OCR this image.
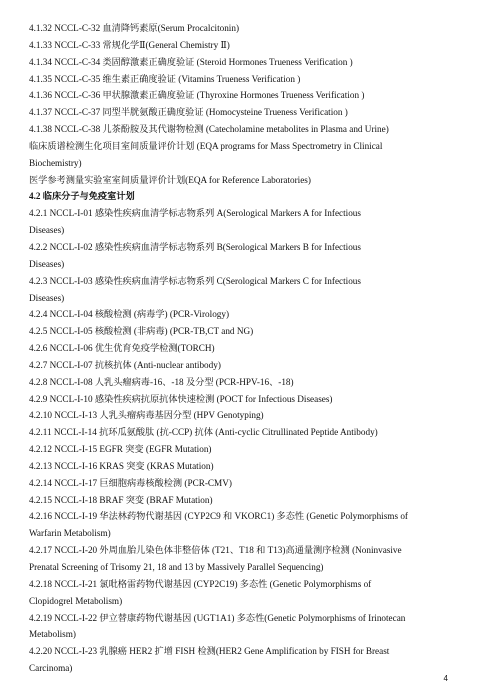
4.1.32 NCCL-C-32 血清降钙素原(Serum Procalcitonin)
4.1.33 NCCL-C-33 常规化学Ⅱ(General Chemistry Ⅱ)
4.1.34 NCCL-C-34 类固醇激素正确度验证 (Steroid Hormones Trueness Verification )
4.1.35 NCCL-C-35 维生素正确度验证 (Vitamins Trueness Verification )
4.1.36 NCCL-C-36 甲状腺激素正确度验证 (Thyroxine Hormones Trueness Verification )
4.1.37 NCCL-C-37 同型半胱氨酸正确度验证 (Homocysteine Trueness Verification )
4.1.38 NCCL-C-38 儿茶酚胺及其代谢物检测 (Catecholamine metabolites in Plasma and Urine)
临床质谱检测生化项目室间质量评价计划 (EQA programs for Mass Spectrometry in Clinical
Biochemistry)
医学参考测量实验室室间质量评价计划(EQA for Reference Laboratories)
4.2 临床分子与免疫室计划
4.2.1 NCCL-I-01 感染性疾病血清学标志物系列 A(Serological Markers A for Infectious
Diseases)
4.2.2 NCCL-I-02 感染性疾病血清学标志物系列 B(Serological Markers B for Infectious
Diseases)
4.2.3 NCCL-I-03 感染性疾病血清学标志物系列 C(Serological Markers C for Infectious
Diseases)
4.2.4 NCCL-I-04 核酸检测 (病毒学) (PCR-Virology)
4.2.5 NCCL-I-05 核酸检测 (非病毒) (PCR-TB,CT and NG)
4.2.6 NCCL-I-06 优生优育免疫学检测(TORCH)
4.2.7 NCCL-I-07 抗核抗体 (Anti-nuclear antibody)
4.2.8 NCCL-I-08 人乳头瘤病毒-16、-18 及分型 (PCR-HPV-16、-18)
4.2.9 NCCL-I-10 感染性疾病抗原抗体快速检测 (POCT for Infectious Diseases)
4.2.10 NCCL-I-13 人乳头瘤病毒基因分型 (HPV Genotyping)
4.2.11 NCCL-I-14 抗环瓜氨酸肽 (抗-CCP) 抗体 (Anti-cyclic Citrullinated Peptide Antibody)
4.2.12 NCCL-I-15 EGFR 突变 (EGFR Mutation)
4.2.13 NCCL-I-16 KRAS 突变 (KRAS Mutation)
4.2.14 NCCL-I-17 巨细胞病毒核酸检测 (PCR-CMV)
4.2.15 NCCL-I-18 BRAF 突变 (BRAF Mutation)
4.2.16 NCCL-I-19 华法林药物代谢基因 (CYP2C9 和 VKORC1) 多态性 (Genetic Polymorphisms of
Warfarin Metabolism)
4.2.17 NCCL-I-20 外周血胎儿染色体非整倍体 (T21、T18 和 T13)高通量测序检测 (Noninvasive
Prenatal Screening of Trisomy 21, 18 and 13 by Massively Parallel Sequencing)
4.2.18 NCCL-I-21 氯吡格雷药物代谢基因 (CYP2C19) 多态性 (Genetic Polymorphisms of
Clopidogrel Metabolism)
4.2.19 NCCL-I-22 伊立替康药物代谢基因 (UGT1A1) 多态性(Genetic Polymorphisms of Irinotecan
Metabolism)
4.2.20 NCCL-I-23 乳腺癌 HER2 扩增 FISH 检测(HER2 Gene Amplification by FISH for Breast
Carcinoma)
4
